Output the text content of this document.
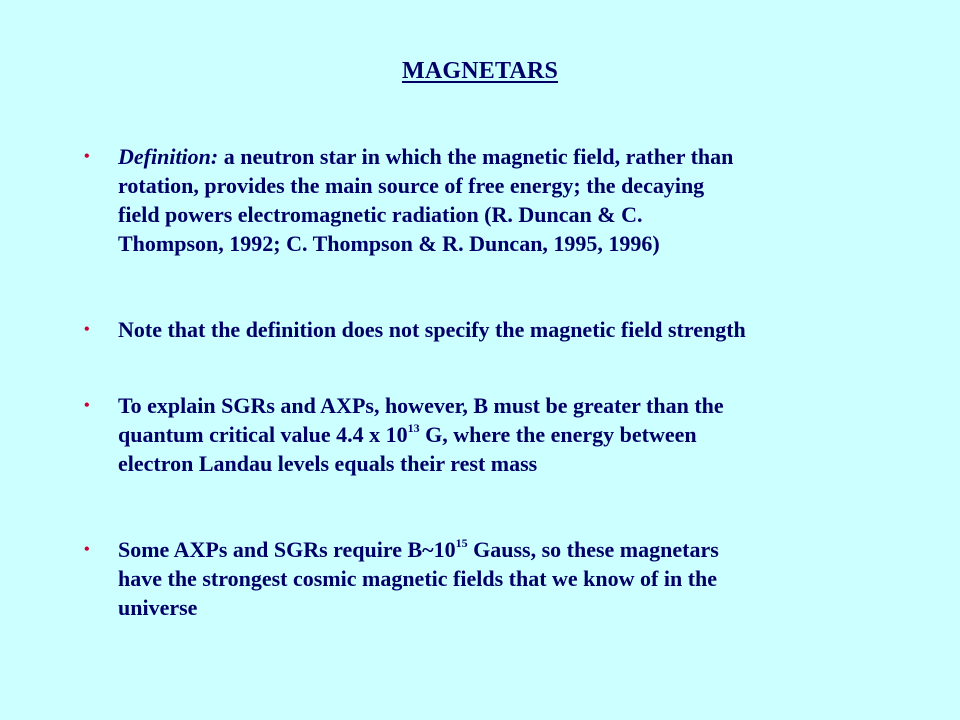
MAGNETARS
• Definition: a neutron star in which the magnetic field, rather than
rotation, provides the main source of free energy; the decaying
field powers electromagnetic radiation (R. Duncan & C.
Thompson, 1992; C. Thompson & R. Duncan, 1995, 1996)
• Note that the definition does not specify the magnetic field strength
• To explain SGRs and AXPs, however, B must be greater than the
quantum critical value 4.4 x $10^{13}$ G, where the energy between
electron Landau levels equals their rest mass
• Some AXPs and SGRs require $B\sim 10^{15}$ Gauss, so these magnetars
have the strongest cosmic magnetic fields that we know of in the
universe
